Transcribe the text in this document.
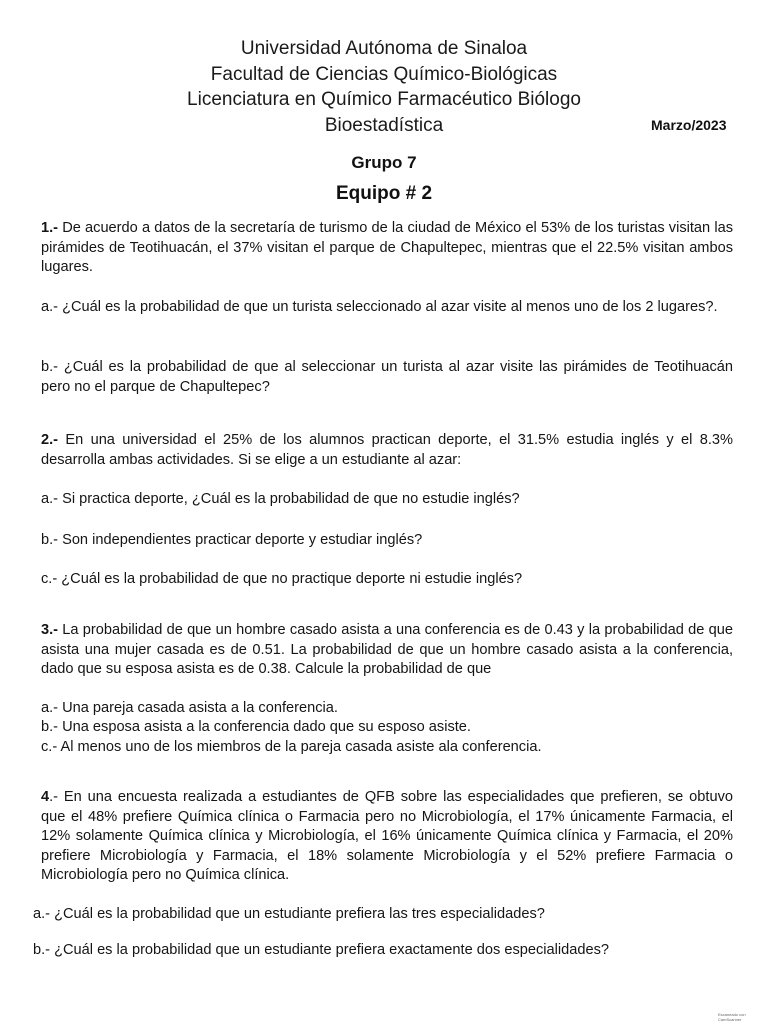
Universidad Autónoma de Sinaloa
Facultad de Ciencias Químico-Biológicas
Licenciatura en Químico Farmacéutico Biólogo
Bioestadística	Marzo/2023
Grupo 7
Equipo # 2
1.- De acuerdo a datos de la secretaría de turismo de la ciudad de México el 53% de los turistas visitan las pirámides de Teotihuacán, el 37% visitan el parque de Chapultepec, mientras que el 22.5% visitan ambos lugares.
a.- ¿Cuál es la probabilidad de que un turista seleccionado al azar visite al menos uno de los 2 lugares?.
b.- ¿Cuál es la probabilidad de que al seleccionar un turista al azar visite las pirámides de Teotihuacán pero no el parque de Chapultepec?
2.- En una universidad el 25% de los alumnos practican deporte, el 31.5% estudia inglés y el 8.3% desarrolla ambas actividades. Si se elige a un estudiante al azar:
a.- Si practica deporte, ¿Cuál es la probabilidad de que no estudie inglés?
b.- Son independientes practicar deporte y estudiar inglés?
c.- ¿Cuál es la probabilidad de que no practique deporte ni estudie inglés?
3.- La probabilidad de que un hombre casado asista a una conferencia es de 0.43 y la probabilidad de que asista una mujer casada es de 0.51. La probabilidad de que un hombre casado asista a la conferencia, dado que su esposa asista es de 0.38. Calcule la probabilidad de que
a.- Una pareja casada asista a la conferencia.
b.- Una esposa asista a la conferencia dado que su esposo asiste.
c.- Al menos uno de los miembros de la pareja casada asiste ala conferencia.
4.- En una encuesta realizada a estudiantes de QFB sobre las especialidades que prefieren, se obtuvo que el 48% prefiere Química clínica o Farmacia pero no Microbiología, el 17% únicamente Farmacia, el 12% solamente Química clínica y Microbiología, el 16% únicamente Química clínica y Farmacia, el 20% prefiere Microbiología y Farmacia, el 18% solamente Microbiología y el 52% prefiere Farmacia o Microbiología pero no Química clínica.
a.- ¿Cuál es la probabilidad que un estudiante prefiera las tres especialidades?
b.- ¿Cuál es la probabilidad que un estudiante prefiera exactamente dos especialidades?
Escaneado con CamScanner
